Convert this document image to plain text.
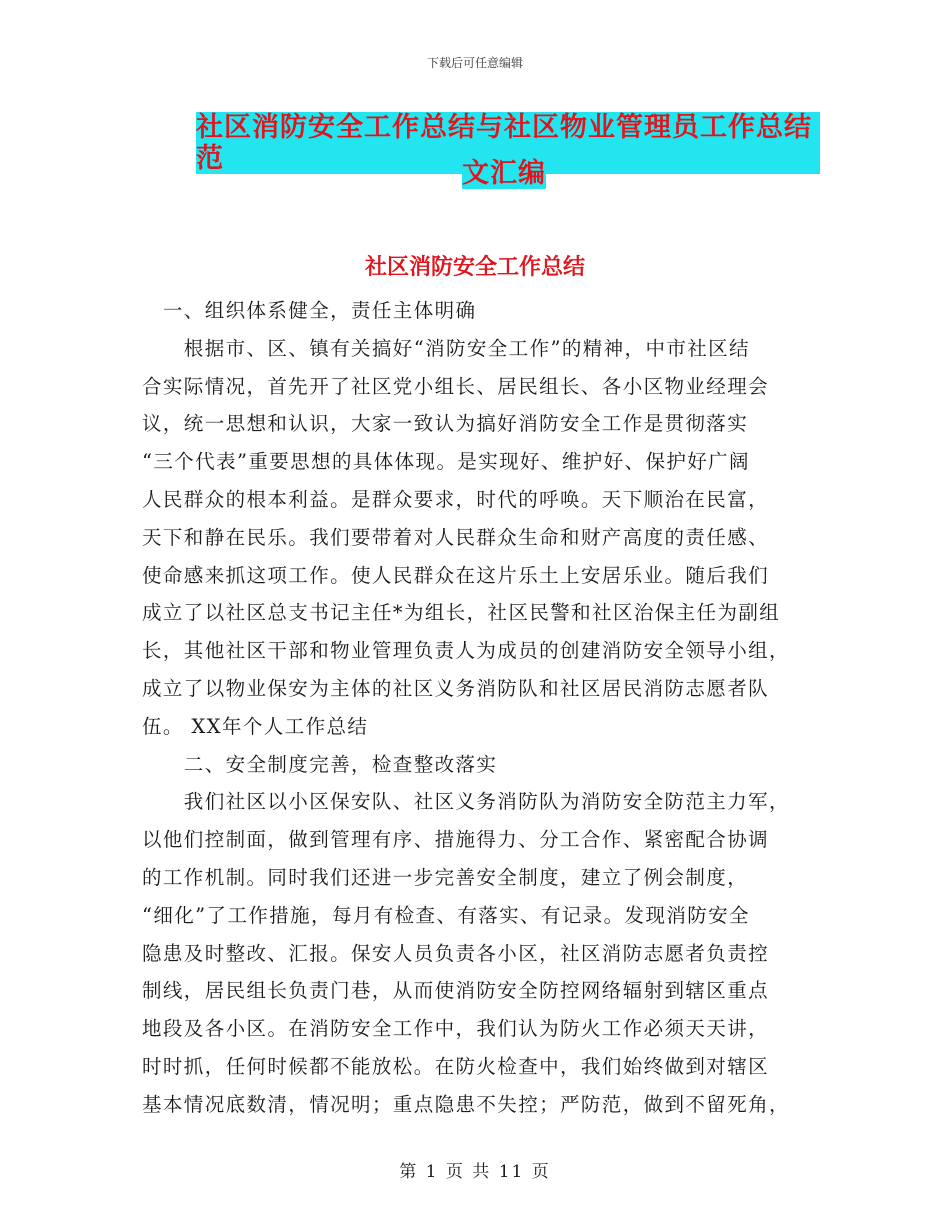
下载后可任意编辑
社区消防安全工作总结与社区物业管理员工作总结范	文汇编
社区消防安全工作总结
　一、组织体系健全，责任主体明确
　　根据市、区、镇有关搞好“消防安全工作”的精神，中市社区结
合实际情况，首先开了社区党小组长、居民组长、各小区物业经理会
议，统一思想和认识，大家一致认为搞好消防安全工作是贯彻落实
“三个代表”重要思想的具体体现。是实现好、维护好、保护好广阔
人民群众的根本利益。是群众要求，时代的呼唤。天下顺治在民富，
天下和静在民乐。我们要带着对人民群众生命和财产高度的责任感、
使命感来抓这项工作。使人民群众在这片乐土上安居乐业。随后我们
成立了以社区总支书记主任*为组长，社区民警和社区治保主任为副组
长，其他社区干部和物业管理负责人为成员的创建消防安全领导小组，
成立了以物业保安为主体的社区义务消防队和社区居民消防志愿者队
伍。 XX年个人工作总结
　　二、安全制度完善，检查整改落实
　　我们社区以小区保安队、社区义务消防队为消防安全防范主力军，
以他们控制面，做到管理有序、措施得力、分工合作、紧密配合协调
的工作机制。同时我们还进一步完善安全制度，建立了例会制度，
“细化”了工作措施，每月有检查、有落实、有记录。发现消防安全
隐患及时整改、汇报。保安人员负责各小区，社区消防志愿者负责控
制线，居民组长负责门巷，从而使消防安全防控网络辐射到辖区重点
地段及各小区。在消防安全工作中，我们认为防火工作必须天天讲，
时时抓，任何时候都不能放松。在防火检查中，我们始终做到对辖区
基本情况底数清，情况明；重点隐患不失控；严防范，做到不留死角，
第 1 页 共 11 页
